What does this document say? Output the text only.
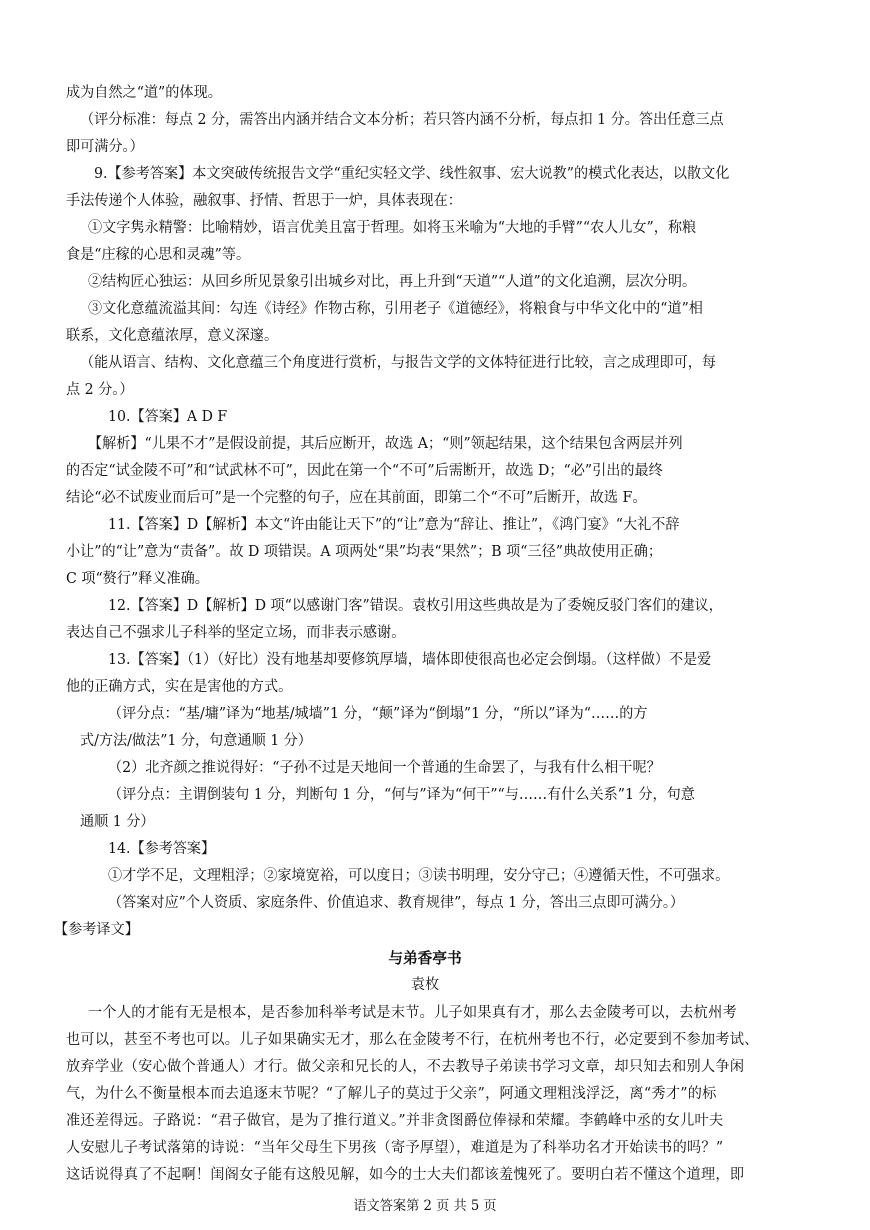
成为自然之“道”的体现。
（评分标准：每点 2 分，需答出内涵并结合文本分析；若只答内涵不分析，每点扣 1 分。答出任意三点
即可满分。）
9.【参考答案】本文突破传统报告文学“重纪实轻文学、线性叙事、宏大说教”的模式化表达，以散文化
手法传递个人体验，融叙事、抒情、哲思于一炉，具体表现在：
①文字隽永精警：比喻精妙，语言优美且富于哲理。如将玉米喻为“大地的手臂”“农人儿女”，称粮
食是“庄稼的心思和灵魂”等。
②结构匠心独运：从回乡所见景象引出城乡对比，再上升到“天道”“人道”的文化追溯，层次分明。
③文化意蕴流溢其间：勾连《诗经》作物古称，引用老子《道德经》，将粮食与中华文化中的“道”相
联系，文化意蕴浓厚，意义深邃。
（能从语言、结构、文化意蕴三个角度进行赏析，与报告文学的文体特征进行比较，言之成理即可，每
点 2 分。）
10.【答案】A D F
【解析】“儿果不才”是假设前提，其后应断开，故选 A；“则”领起结果，这个结果包含两层并列
的否定“试金陵不可”和“试武林不可”，因此在第一个“不可”后需断开，故选 D；“必”引出的最终
结论“必不试废业而后可”是一个完整的句子，应在其前面，即第二个“不可”后断开，故选 F。
11.【答案】D【解析】本文“许由能让天下”的“让”意为“辞让、推让”，《鸿门宴》“大礼不辞
小让”的“让”意为“责备”。故 D 项错误。A 项两处“果”均表“果然”；B 项“三径”典故使用正确；
C 项“赘行”释义准确。
12.【答案】D【解析】D 项“以感谢门客”错误。袁枚引用这些典故是为了委婉反驳门客们的建议，
表达自己不强求儿子科举的坚定立场，而非表示感谢。
13.【答案】（1）（好比）没有地基却要修筑厚墙，墙体即使很高也必定会倒塌。（这样做）不是爱
他的正确方式，实在是害他的方式。
（评分点：“基/墉”译为“地基/城墙”1 分，“颠”译为“倒塌”1 分，“所以”译为“……的方
式/方法/做法”1 分，句意通顺 1 分）
（2）北齐颜之推说得好：“子孙不过是天地间一个普通的生命罢了，与我有什么相干呢？
（评分点：主谓倒装句 1 分，判断句 1 分，“何与”译为“何干”“与……有什么关系”1 分，句意
通顺 1 分）
14.【参考答案】
①才学不足，文理粗浮；②家境宽裕，可以度日；③读书明理，安分守己；④遵循天性，不可强求。
（答案对应”个人资质、家庭条件、价值追求、教育规律”，每点 1 分，答出三点即可满分。）
【参考译文】
与弟香亭书
袁枚
一个人的才能有无是根本，是否参加科举考试是末节。儿子如果真有才，那么去金陵考可以，去杭州考
也可以，甚至不考也可以。儿子如果确实无才，那么在金陵考不行，在杭州考也不行，必定要到不参加考试、
放弃学业（安心做个普通人）才行。做父亲和兄长的人，不去教导子弟读书学习文章，却只知去和别人争闲
气，为什么不衡量根本而去追逐末节呢？“了解儿子的莫过于父亲”，阿通文理粗浅浮泛，离“秀才”的标
准还差得远。子路说：“君子做官，是为了推行道义。”并非贪图爵位俸禄和荣耀。李鹤峰中丞的女儿叶夫
人安慰儿子考试落第的诗说：“当年父母生下男孩（寄予厚望），难道是为了科举功名才开始读书的吗？”
这话说得真了不起啊！闺阁女子能有这般见解，如今的士大夫们都该羞愧死了。要明白若不懂这个道理，即
语文答案第 2 页 共 5 页
